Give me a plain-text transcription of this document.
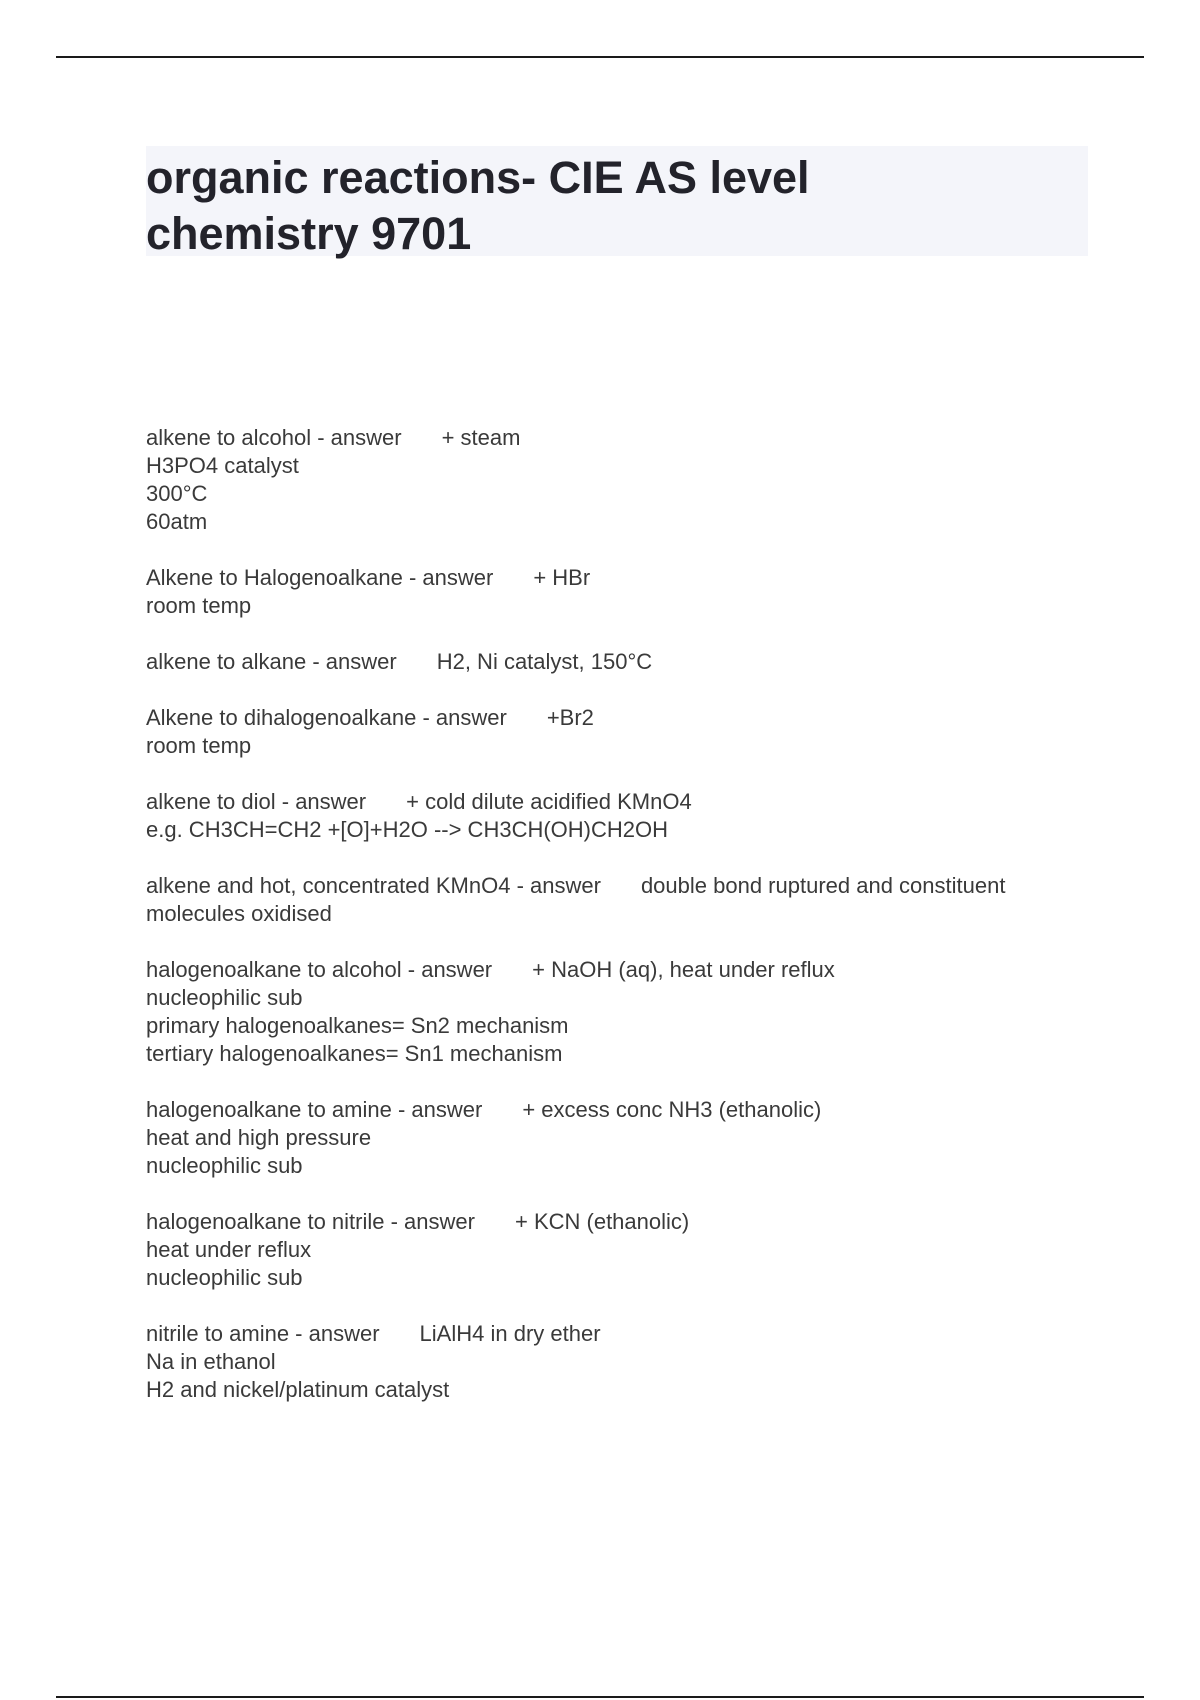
organic reactions- CIE AS level
chemistry 9701
alkene to alcohol - answer + steam
H3PO4 catalyst
300°C
60atm
Alkene to Halogenoalkane - answer + HBr
room temp
alkene to alkane - answer H2, Ni catalyst, 150°C
Alkene to dihalogenoalkane - answer +Br2
room temp
alkene to diol - answer + cold dilute acidified KMnO4
e.g. CH3CH=CH2 +[O]+H2O --> CH3CH(OH)CH2OH
alkene and hot, concentrated KMnO4 - answer double bond ruptured and constituent
molecules oxidised
halogenoalkane to alcohol - answer + NaOH (aq), heat under reflux
nucleophilic sub
primary halogenoalkanes= Sn2 mechanism
tertiary halogenoalkanes= Sn1 mechanism
halogenoalkane to amine - answer + excess conc NH3 (ethanolic)
heat and high pressure
nucleophilic sub
halogenoalkane to nitrile - answer + KCN (ethanolic)
heat under reflux
nucleophilic sub
nitrile to amine - answer LiAlH4 in dry ether
Na in ethanol
H2 and nickel/platinum catalyst
